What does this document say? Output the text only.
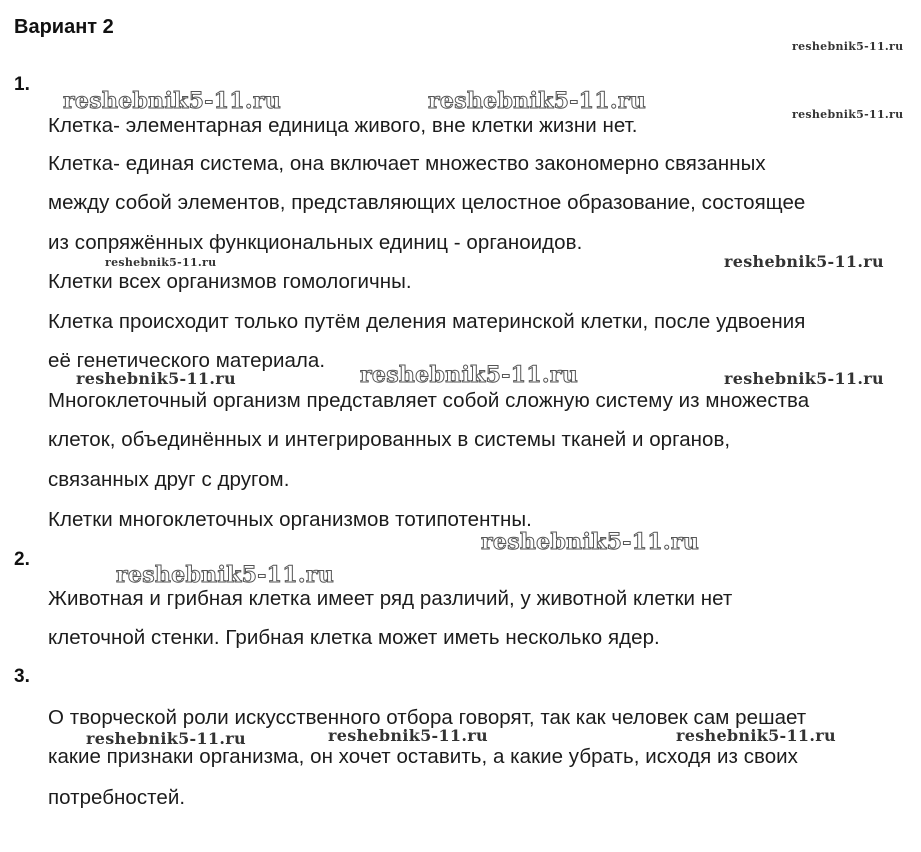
Вариант 2
1.
Клетка- элементарная единица живого, вне клетки жизни нет.
Клетка- единая система, она включает множество закономерно связанных
между собой элементов, представляющих целостное образование, состоящее
из сопряжённых функциональных единиц - органоидов.
Клетки всех организмов гомологичны.
Клетка происходит только путём деления материнской клетки, после удвоения
её генетического материала.
Многоклеточный организм представляет собой сложную систему из множества
клеток, объединённых и интегрированных в системы тканей и органов,
связанных друг с другом.
Клетки многоклеточных организмов тотипотентны.
2.
Животная и грибная клетка имеет ряд различий, у животной клетки нет
клеточной стенки. Грибная клетка может иметь несколько ядер.
3.
О творческой роли искусственного отбора говорят, так как человек сам решает
какие признаки организма, он хочет оставить, а какие убрать, исходя из своих
потребностей.
reshebnik5-11.ru
reshebnik5-11.ru	reshebnik5-11.ru
reshebnik5-11.ru
reshebnik5-11.ru	reshebnik5-11.ru
reshebnik5-11.ru	reshebnik5-11.ru	reshebnik5-11.ru
reshebnik5-11.ru
reshebnik5-11.ru
reshebnik5-11.ru	reshebnik5-11.ru	reshebnik5-11.ru
